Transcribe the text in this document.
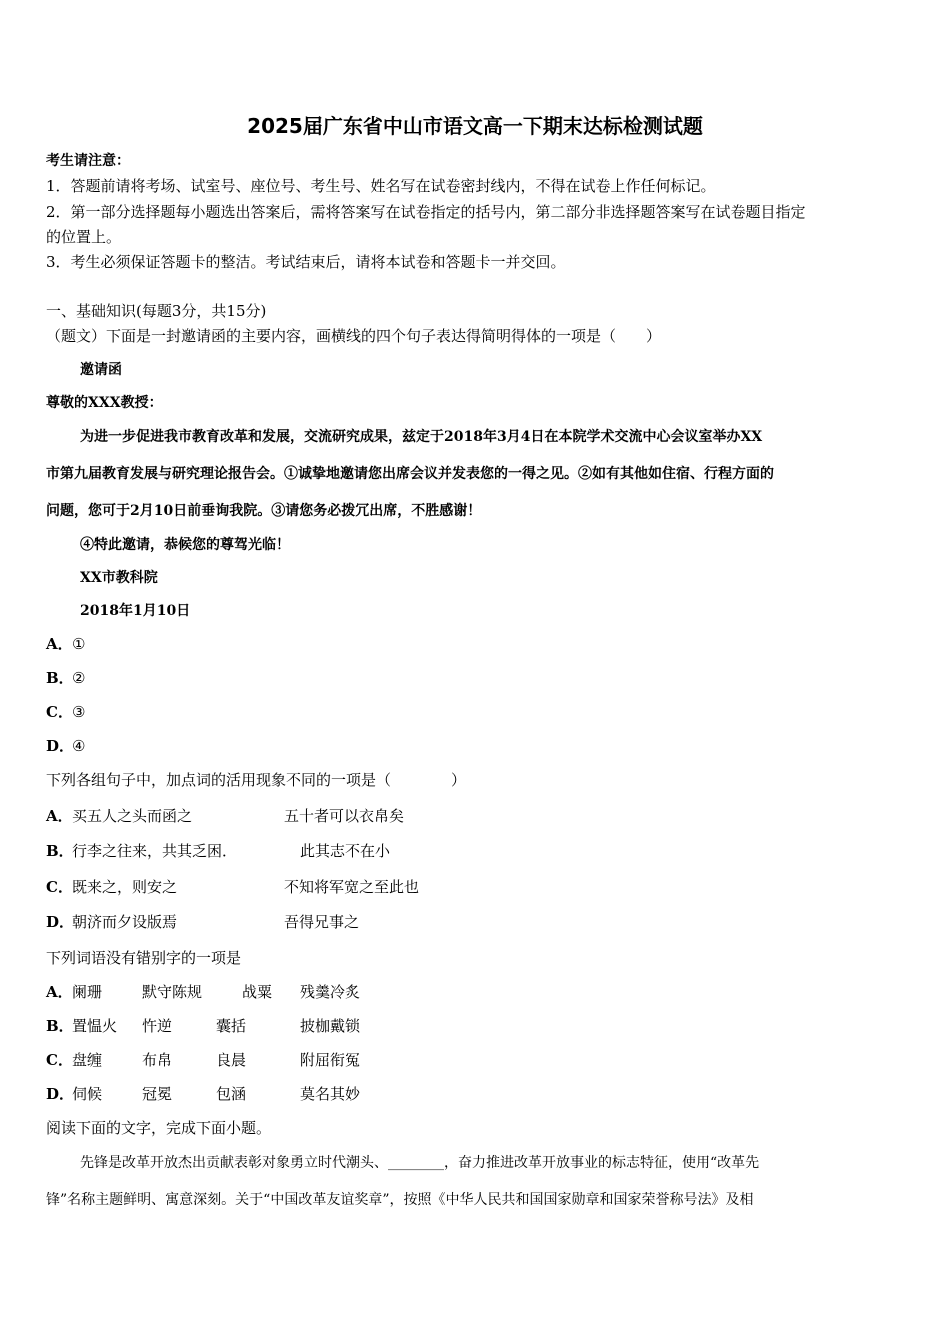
2025届广东省中山市语文高一下期末达标检测试题
考生请注意：
1．答题前请将考场、试室号、座位号、考生号、姓名写在试卷密封线内，不得在试卷上作任何标记。
2．第一部分选择题每小题选出答案后，需将答案写在试卷指定的括号内，第二部分非选择题答案写在试卷题目指定
的位置上。
3．考生必须保证答题卡的整洁。考试结束后，请将本试卷和答题卡一并交回。
一、基础知识(每题3分，共15分)
（题文）下面是一封邀请函的主要内容，画横线的四个句子表达得简明得体的一项是（　　）
邀请函
尊敬的XXX教授：
为进一步促进我市教育改革和发展，交流研究成果，兹定于2018年3月4日在本院学术交流中心会议室举办XX
市第九届教育发展与研究理论报告会。①诚挚地邀请您出席会议并发表您的一得之见。②如有其他如住宿、行程方面的
问题，您可于2月10日前垂询我院。③请您务必拨冗出席，不胜感谢！
④特此邀请，恭候您的尊驾光临！
XX市教科院
2018年1月10日
A．①
B．②
C．③
D．④
下列各组句子中，加点词的活用现象不同的一项是（　　　　）
A．买五人之头而函之	五十者可以衣帛矣
B．行李之往来，共其乏困．	此其志不在小
C．既来之，则安之	不知将军宽之至此也
D．朝济而夕设版焉	吾得兄事之
下列词语没有错别字的一项是
A．阑珊	默守陈规	战粟 残羹冷炙
B．置愠火 忤逆	囊括	披枷戴锁
C．盘缠	布帛	良晨	附屈衔冤
D．伺候	冠冕	包涵	莫名其妙
阅读下面的文字，完成下面小题。
先锋是改革开放杰出贡献表彰对象勇立时代潮头、________，奋力推进改革开放事业的标志特征，使用“改革先
锋”名称主题鲜明、寓意深刻。关于“中国改革友谊奖章”，按照《中华人民共和国国家勋章和国家荣誉称号法》及相
